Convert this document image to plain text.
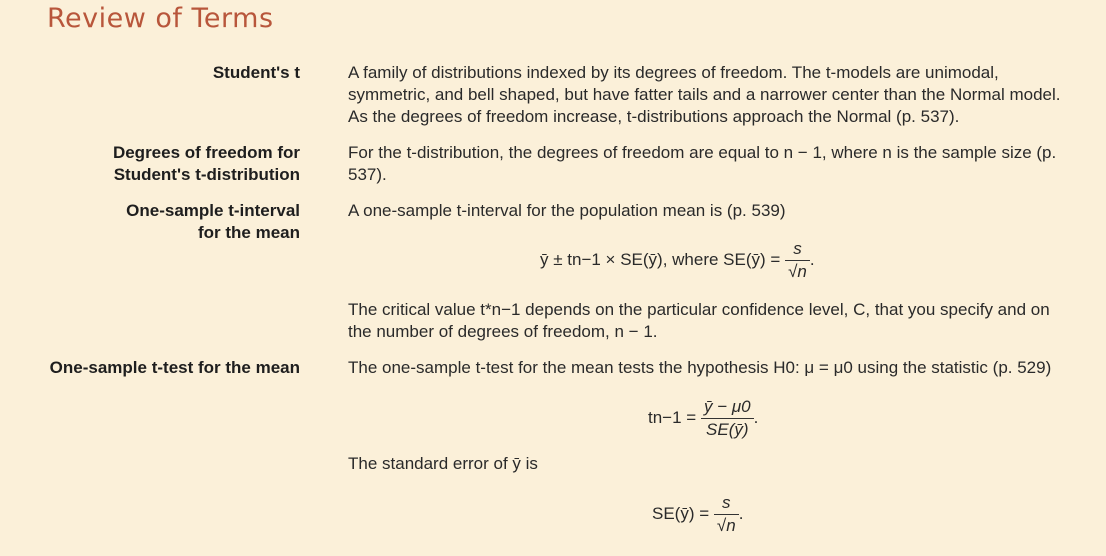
Review of Terms
Student's t	A family of distributions indexed by its degrees of freedom. The t-models are unimodal, symmetric, and bell shaped, but have fatter tails and a narrower center than the Normal model. As the degrees of freedom increase, t-distributions approach the Normal (p. 537).
Degrees of freedom for
Student's t-distribution
For the t-distribution, the degrees of freedom are equal to n − 1, where n is the sample size (p. 537).
One-sample t-interval
for the mean
A one-sample t-interval for the population mean is (p. 539)
ȳ ± tn−1 × SE(ȳ), where SE(ȳ) = $\frac{s}{√n}$ .
The critical value t*n−1 depends on the particular confidence level, C, that you specify and on the number of degrees of freedom, n − 1.
One-sample t-test for the mean	The one-sample t-test for the mean tests the hypothesis H0: μ = μ0 using the statistic (p. 529)
$tn-1 = \frac{ȳ - \mu 0}{SE(ȳ)}$ .
The standard error of ȳ is
SE(ȳ) = $\frac{s}{√n}$ .
